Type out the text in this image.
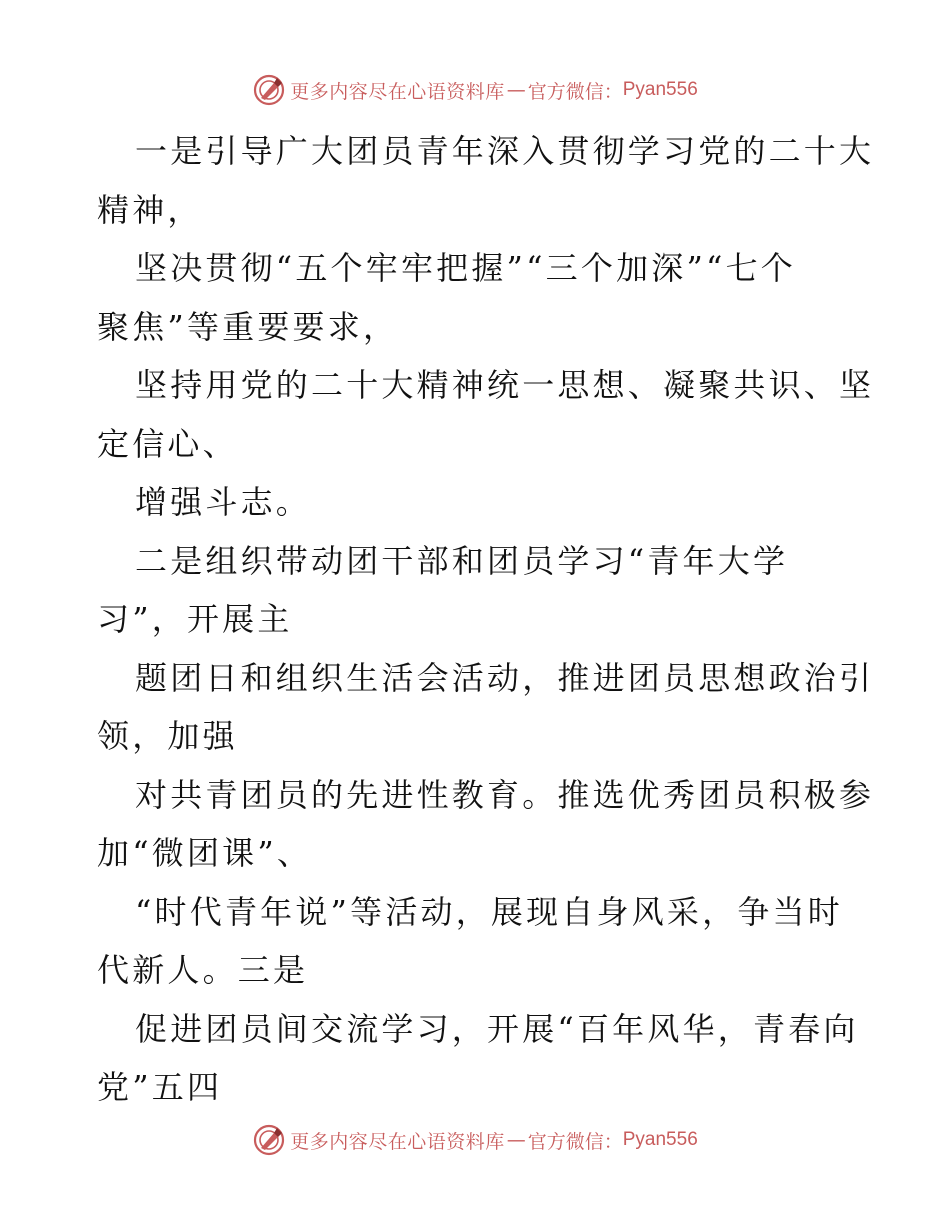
更多内容尽在心语资料库 — 官方微信： Pyan556
一是引导广大团员青年深入贯彻学习党的二十大
精神，
坚决贯彻“五个牢牢把握”“三个加深”“七个
聚焦”等重要要求，
坚持用党的二十大精神统一思想、凝聚共识、坚
定信心、
增强斗志。
二是组织带动团干部和团员学习“青年大学
习”，开展主
题团日和组织生活会活动，推进团员思想政治引
领，加强
对共青团员的先进性教育。推选优秀团员积极参
加“微团课”、
“时代青年说”等活动，展现自身风采，争当时
代新人。三是
促进团员间交流学习，开展“百年风华，青春向
党”五四
更多内容尽在心语资料库 — 官方微信： Pyan556
